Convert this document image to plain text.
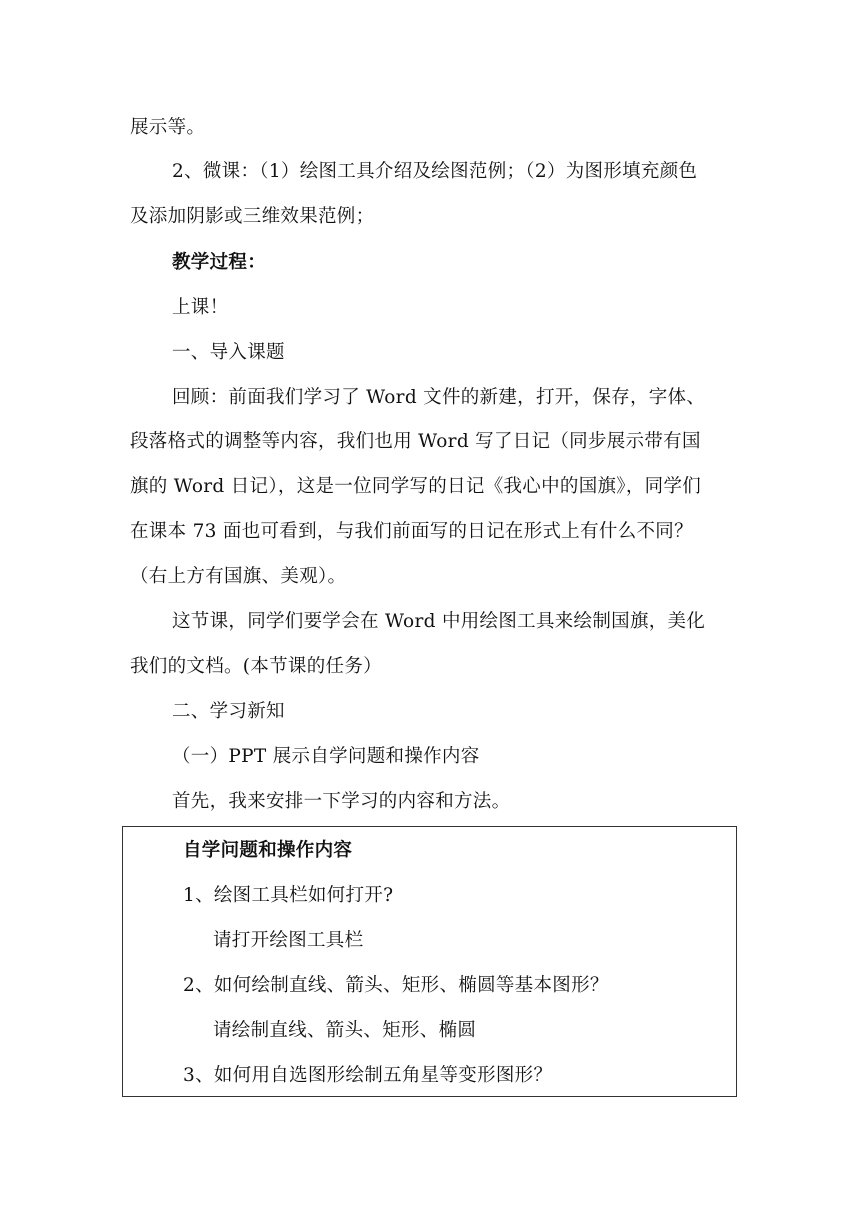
展示等。
2、微课：（1）绘图工具介绍及绘图范例；（2）为图形填充颜色
及添加阴影或三维效果范例；
教学过程：
上课！
一、导入课题
回顾：前面我们学习了 Word 文件的新建，打开，保存，字体、
段落格式的调整等内容，我们也用 Word 写了日记（同步展示带有国
旗的 Word 日记），这是一位同学写的日记《我心中的国旗》，同学们
在课本 73 面也可看到，与我们前面写的日记在形式上有什么不同？
（右上方有国旗、美观）。
这节课，同学们要学会在 Word 中用绘图工具来绘制国旗，美化
我们的文档。(本节课的任务）
二、学习新知
（一）PPT 展示自学问题和操作内容
首先，我来安排一下学习的内容和方法。
自学问题和操作内容
1、绘图工具栏如何打开?
请打开绘图工具栏
2、如何绘制直线、箭头、矩形、椭圆等基本图形？
请绘制直线、箭头、矩形、椭圆
3、如何用自选图形绘制五角星等变形图形？
